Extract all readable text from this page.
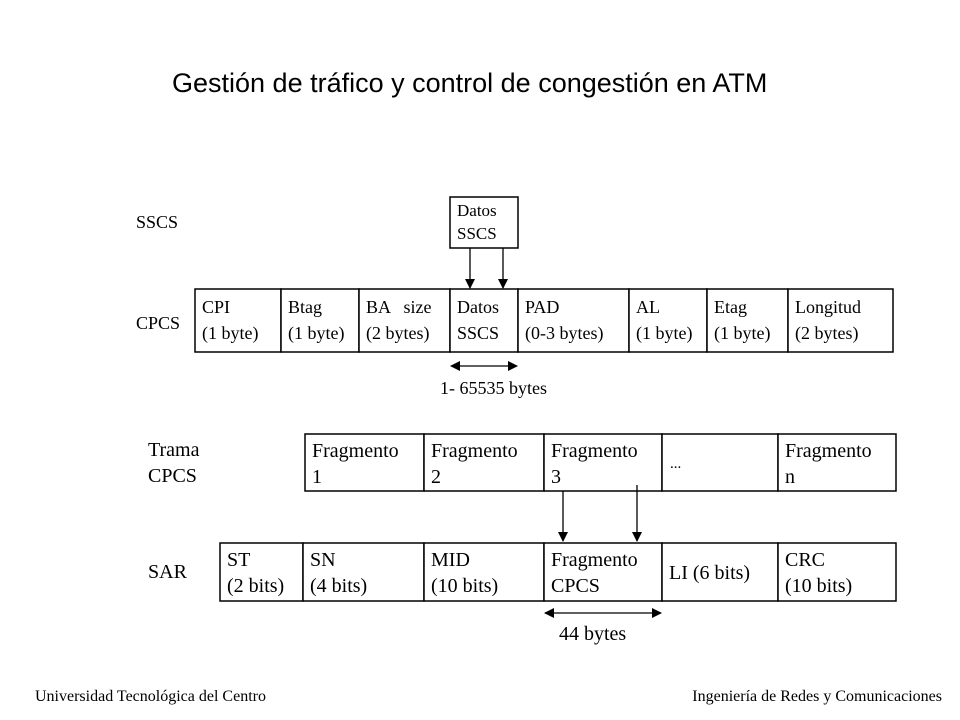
Gestión de tráfico y control de congestión en ATM
SSCS
CPCS
Trama
CPCS
SAR
Datos
SSCS
CPI
(1 byte)
Btag
(1 byte)
BA   size
(2 bytes)
Datos
SSCS
PAD
(0-3 bytes)
AL
(1 byte)
Etag
(1 byte)
Longitud
(2 bytes)
1- 65535 bytes
Fragmento
1
Fragmento
2
Fragmento
3
...
Fragmento
n
ST
(2 bits)
SN
(4 bits)
MID
(10 bits)
Fragmento
CPCS
LI (6 bits)
CRC
(10 bits)
44 bytes
Universidad Tecnológica del Centro	Ingeniería de Redes y Comunicaciones
